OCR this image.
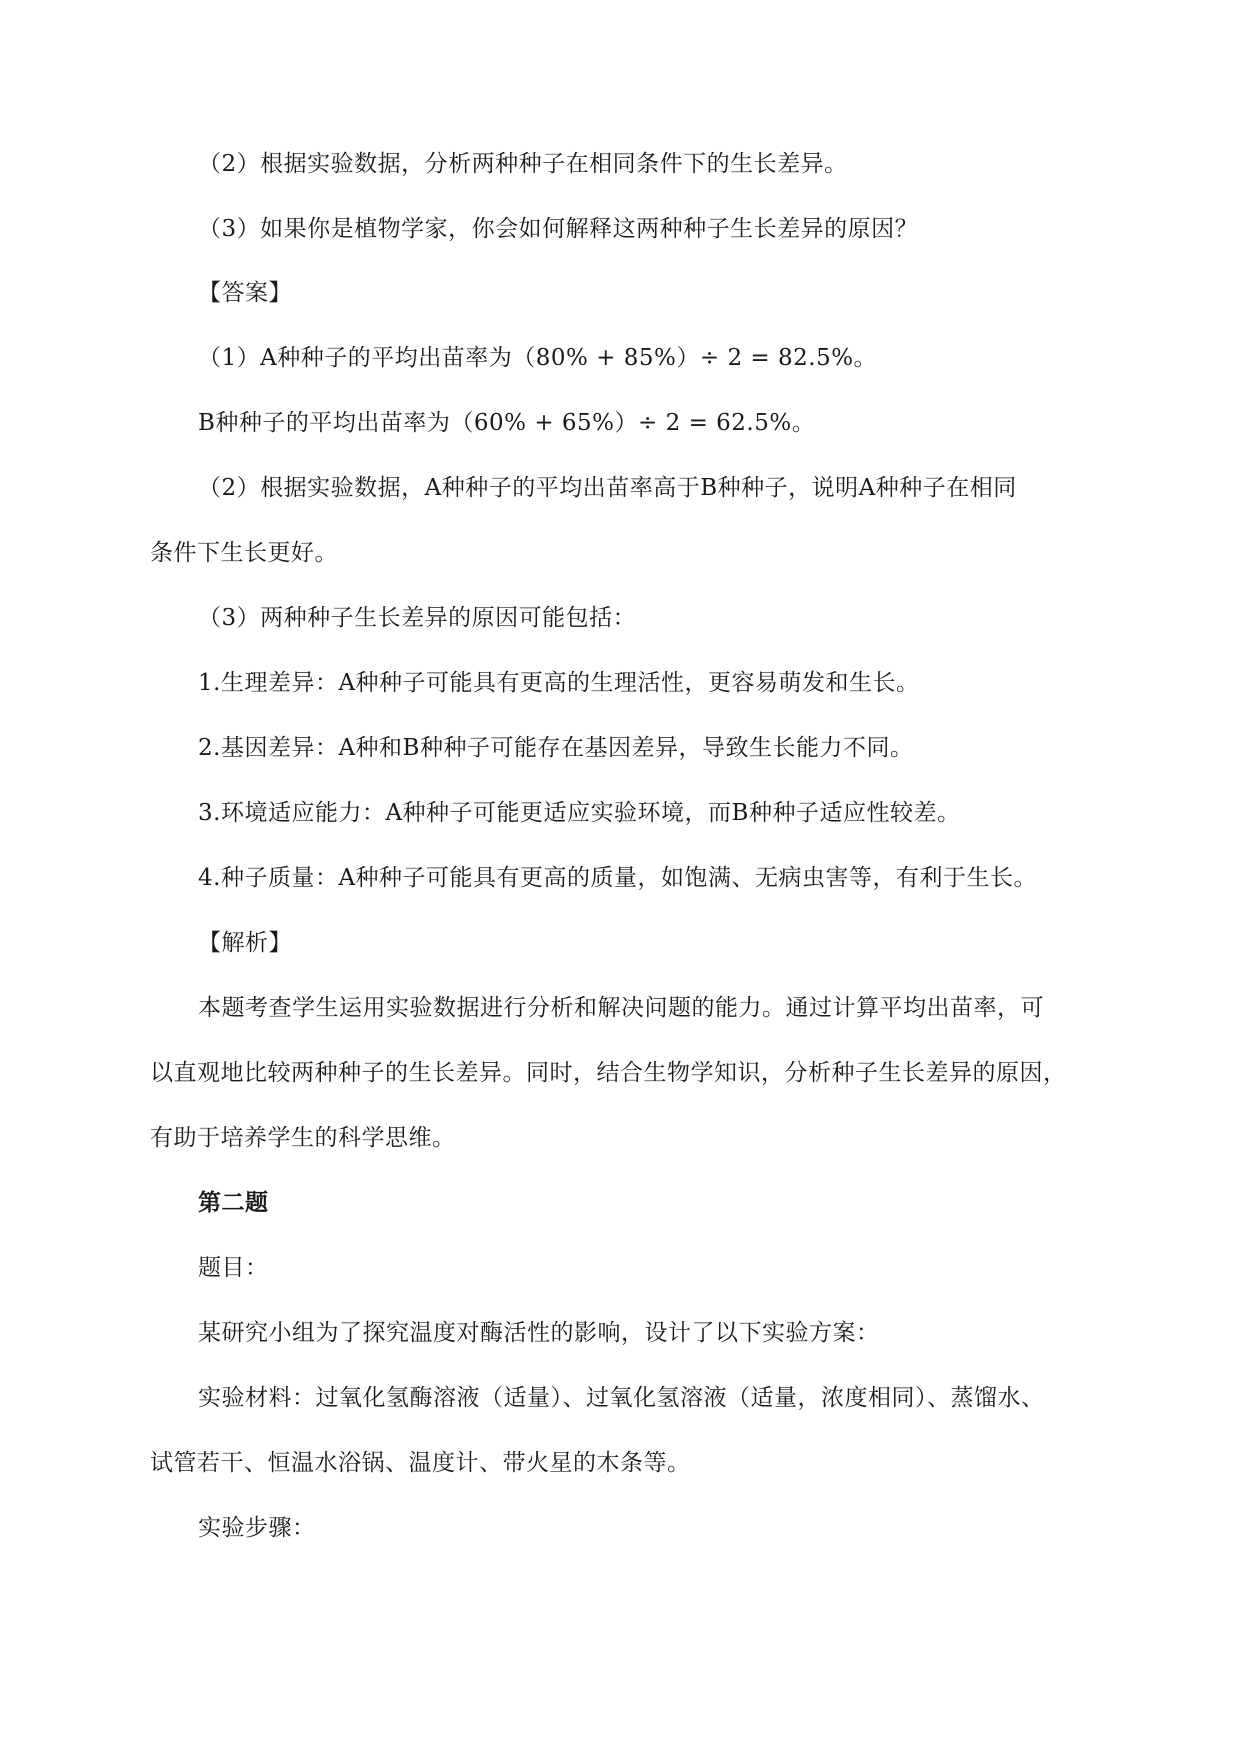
（2）根据实验数据，分析两种种子在相同条件下的生长差异。
（3）如果你是植物学家，你会如何解释这两种种子生长差异的原因？
【答案】
（1）A种种子的平均出苗率为（80% + 85%）÷ 2 = 82.5%。
B种种子的平均出苗率为（60% + 65%）÷ 2 = 62.5%。
（2）根据实验数据，A种种子的平均出苗率高于B种种子，说明A种种子在相同
条件下生长更好。
（3）两种种子生长差异的原因可能包括：
1.生理差异：A种种子可能具有更高的生理活性，更容易萌发和生长。
2.基因差异：A种和B种种子可能存在基因差异，导致生长能力不同。
3.环境适应能力：A种种子可能更适应实验环境，而B种种子适应性较差。
4.种子质量：A种种子可能具有更高的质量，如饱满、无病虫害等，有利于生长。
【解析】
本题考查学生运用实验数据进行分析和解决问题的能力。通过计算平均出苗率，可
以直观地比较两种种子的生长差异。同时，结合生物学知识，分析种子生长差异的原因，
有助于培养学生的科学思维。
第二题
题目：
某研究小组为了探究温度对酶活性的影响，设计了以下实验方案：
实验材料：过氧化氢酶溶液（适量）、过氧化氢溶液（适量，浓度相同）、蒸馏水、
试管若干、恒温水浴锅、温度计、带火星的木条等。
实验步骤：
